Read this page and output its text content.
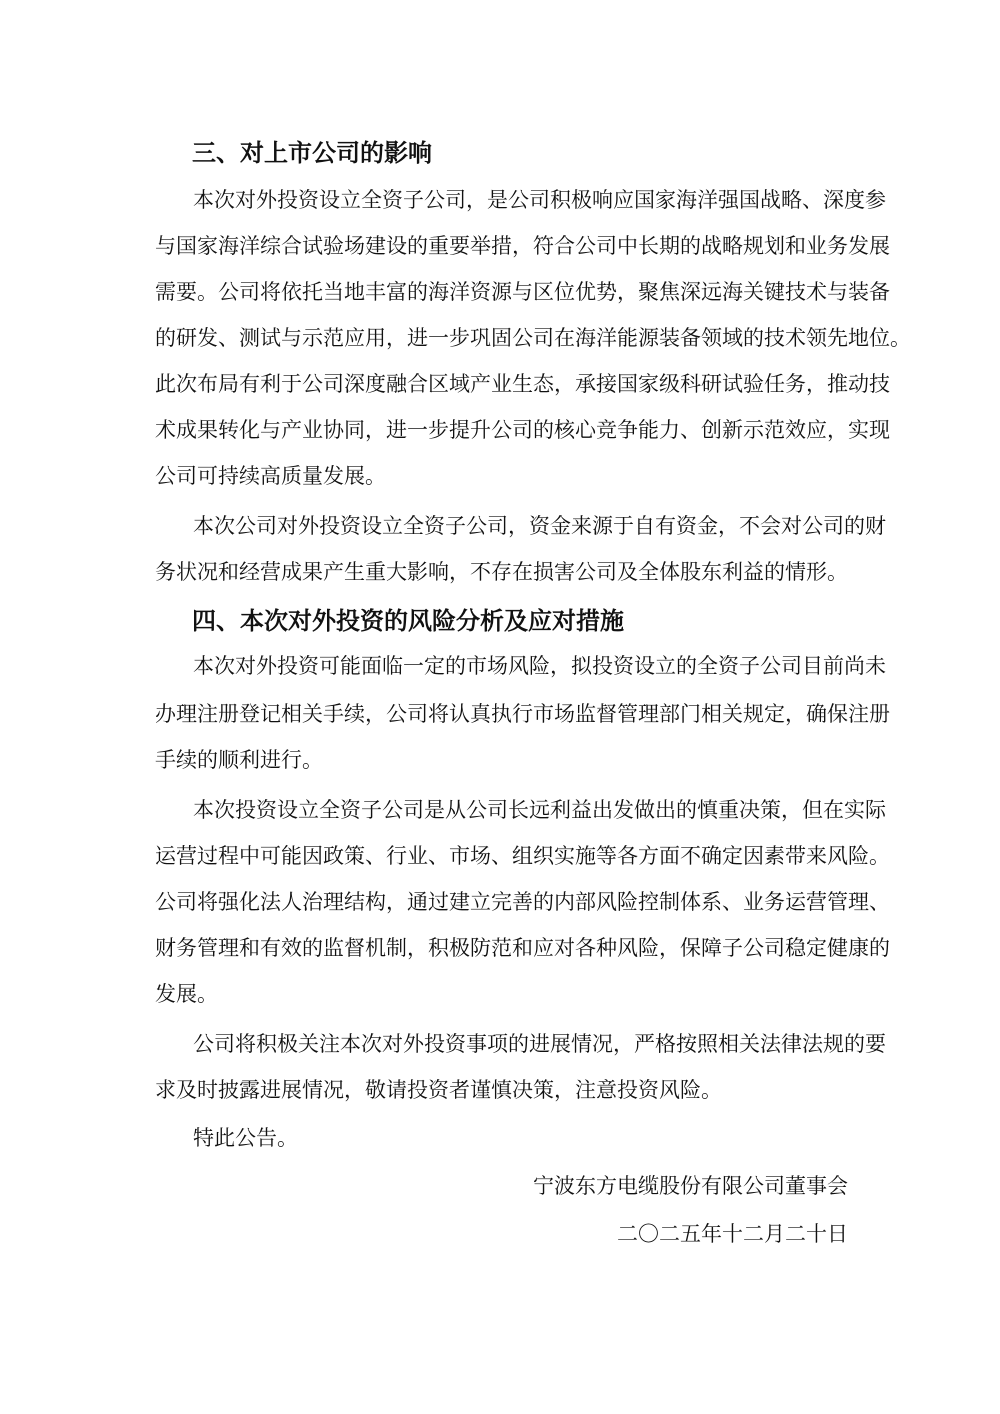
三、对上市公司的影响
本次对外投资设立全资子公司，是公司积极响应国家海洋强国战略、深度参
与国家海洋综合试验场建设的重要举措，符合公司中长期的战略规划和业务发展
需要。公司将依托当地丰富的海洋资源与区位优势，聚焦深远海关键技术与装备
的研发、测试与示范应用，进一步巩固公司在海洋能源装备领域的技术领先地位。
此次布局有利于公司深度融合区域产业生态，承接国家级科研试验任务，推动技
术成果转化与产业协同，进一步提升公司的核心竞争能力、创新示范效应，实现
公司可持续高质量发展。
本次公司对外投资设立全资子公司，资金来源于自有资金，不会对公司的财
务状况和经营成果产生重大影响，不存在损害公司及全体股东利益的情形。
四、本次对外投资的风险分析及应对措施
本次对外投资可能面临一定的市场风险，拟投资设立的全资子公司目前尚未
办理注册登记相关手续，公司将认真执行市场监督管理部门相关规定，确保注册
手续的顺利进行。
本次投资设立全资子公司是从公司长远利益出发做出的慎重决策，但在实际
运营过程中可能因政策、行业、市场、组织实施等各方面不确定因素带来风险。
公司将强化法人治理结构，通过建立完善的内部风险控制体系、业务运营管理、
财务管理和有效的监督机制，积极防范和应对各种风险，保障子公司稳定健康的
发展。
公司将积极关注本次对外投资事项的进展情况，严格按照相关法律法规的要
求及时披露进展情况，敬请投资者谨慎决策，注意投资风险。
特此公告。
宁波东方电缆股份有限公司董事会
二〇二五年十二月二十日
